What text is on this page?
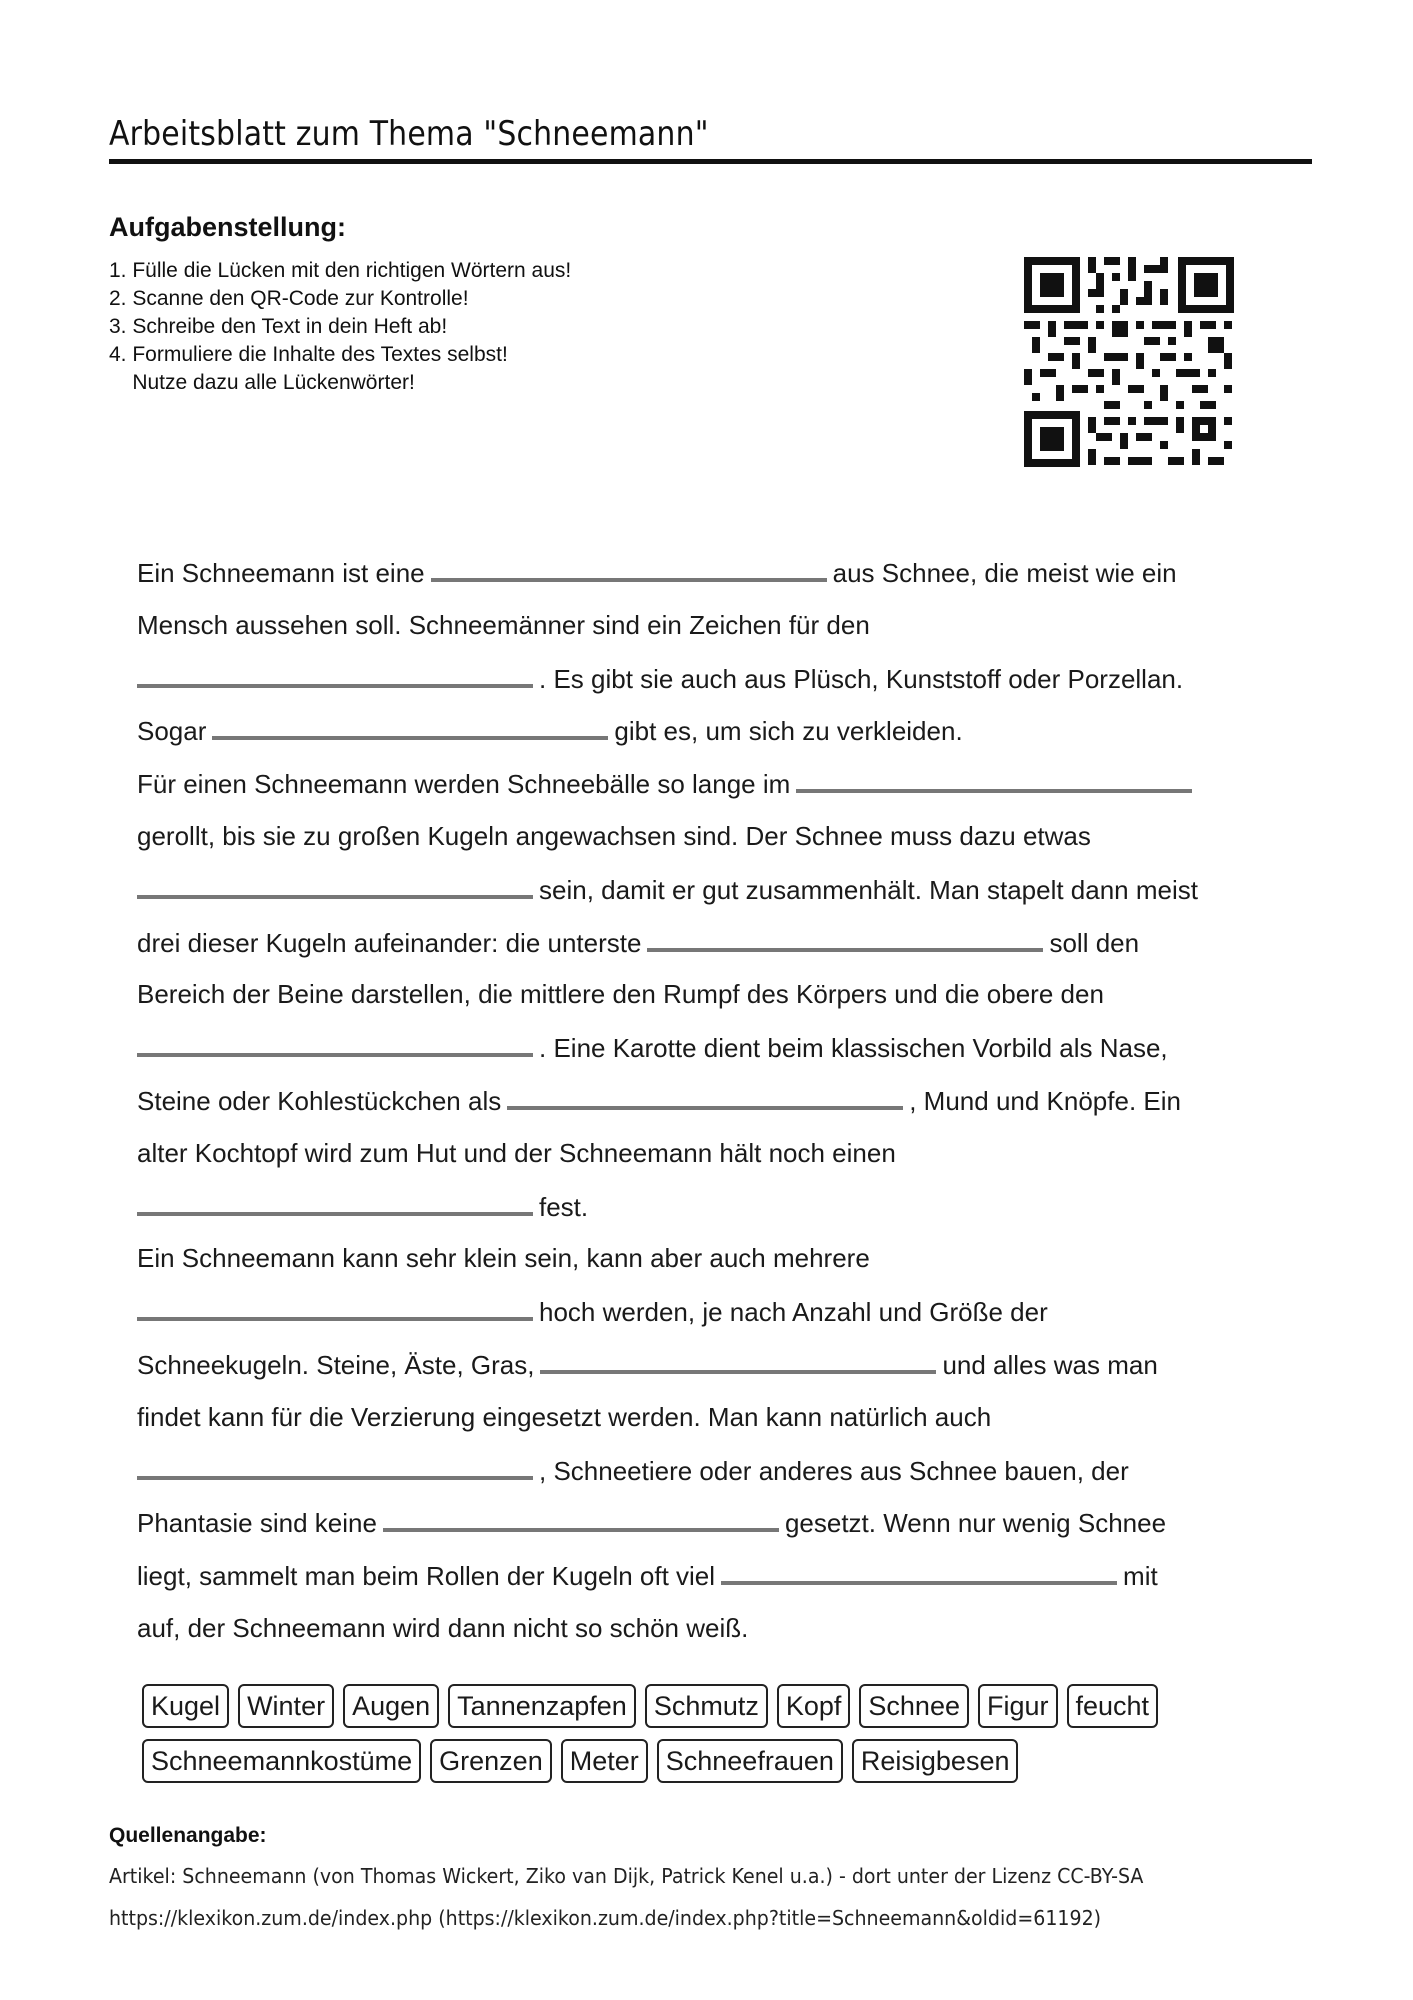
Arbeitsblatt zum Thema "Schneemann"
Aufgabenstellung:
1. Fülle die Lücken mit den richtigen Wörtern aus!
2. Scanne den QR-Code zur Kontrolle!
3. Schreibe den Text in dein Heft ab!
4. Formuliere die Inhalte des Textes selbst!
Nutze dazu alle Lückenwörter!
Ein Schneemann ist eine	aus Schnee, die meist wie ein
Mensch aussehen soll. Schneemänner sind ein Zeichen für den
. Es gibt sie auch aus Plüsch, Kunststoff oder Porzellan.
Sogar	gibt es, um sich zu verkleiden.
Für einen Schneemann werden Schneebälle so lange im
gerollt, bis sie zu großen Kugeln angewachsen sind. Der Schnee muss dazu etwas
sein, damit er gut zusammenhält. Man stapelt dann meist
drei dieser Kugeln aufeinander: die unterste	soll den
Bereich der Beine darstellen, die mittlere den Rumpf des Körpers und die obere den
. Eine Karotte dient beim klassischen Vorbild als Nase,
Steine oder Kohlestückchen als	, Mund und Knöpfe. Ein
alter Kochtopf wird zum Hut und der Schneemann hält noch einen
fest.
Ein Schneemann kann sehr klein sein, kann aber auch mehrere
hoch werden, je nach Anzahl und Größe der
Schneekugeln. Steine, Äste, Gras,	und alles was man
findet kann für die Verzierung eingesetzt werden. Man kann natürlich auch
, Schneetiere oder anderes aus Schnee bauen, der
Phantasie sind keine	gesetzt. Wenn nur wenig Schnee
liegt, sammelt man beim Rollen der Kugeln oft viel	mit
auf, der Schneemann wird dann nicht so schön weiß.
Kugel Winter Augen Tannenzapfen Schmutz Kopf Schnee Figur feucht
Schneemannkostüme Grenzen Meter Schneefrauen Reisigbesen
Quellenangabe:
Artikel: Schneemann (von Thomas Wickert, Ziko van Dijk, Patrick Kenel u.a.) - dort unter der Lizenz CC-BY-SA
https://klexikon.zum.de/index.php (https://klexikon.zum.de/index.php?title=Schneemann&oldid=61192)
